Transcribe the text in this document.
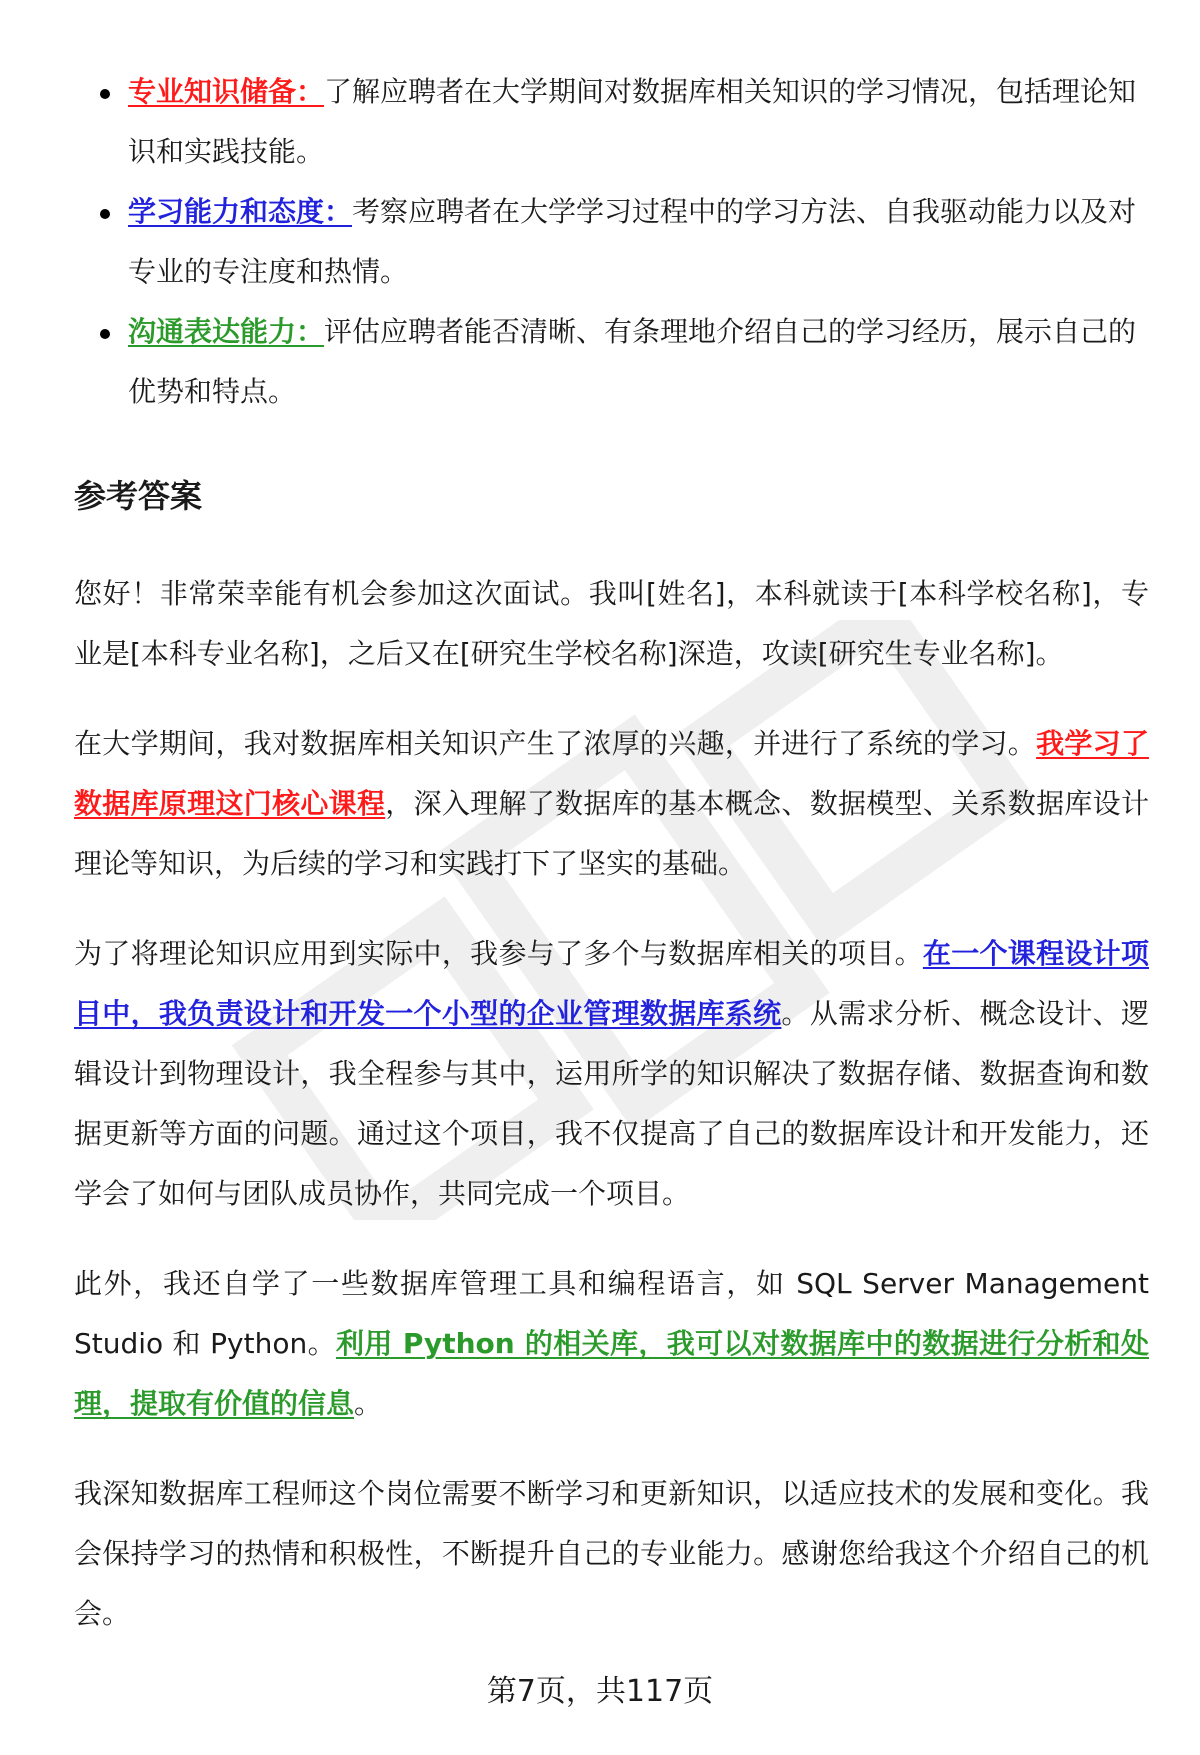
专业知识储备：了解应聘者在大学期间对数据库相关知识的学习情况，包括理论知识和实践技能。
学习能力和态度：考察应聘者在大学学习过程中的学习方法、自我驱动能力以及对专业的专注度和热情。
沟通表达能力：评估应聘者能否清晰、有条理地介绍自己的学习经历，展示自己的优势和特点。
参考答案

您好！非常荣幸能有机会参加这次面试。我叫[姓名]，本科就读于[本科学校名称]，专业是[本科专业名称]，之后又在[研究生学校名称]深造，攻读[研究生专业名称]。

在大学期间，我对数据库相关知识产生了浓厚的兴趣，并进行了系统的学习。我学习了数据库原理这门核心课程，深入理解了数据库的基本概念、数据模型、关系数据库设计理论等知识，为后续的学习和实践打下了坚实的基础。

为了将理论知识应用到实际中，我参与了多个与数据库相关的项目。在一个课程设计项目中，我负责设计和开发一个小型的企业管理数据库系统。从需求分析、概念设计、逻辑设计到物理设计，我全程参与其中，运用所学的知识解决了数据存储、数据查询和数据更新等方面的问题。通过这个项目，我不仅提高了自己的数据库设计和开发能力，还学会了如何与团队成员协作，共同完成一个项目。

此外，我还自学了一些数据库管理工具和编程语言，如 SQL Server Management Studio 和 Python。利用 Python 的相关库，我可以对数据库中的数据进行分析和处理，提取有价值的信息。

我深知数据库工程师这个岗位需要不断学习和更新知识，以适应技术的发展和变化。我会保持学习的热情和积极性，不断提升自己的专业能力。感谢您给我这个介绍自己的机会。

第7页，共117页
